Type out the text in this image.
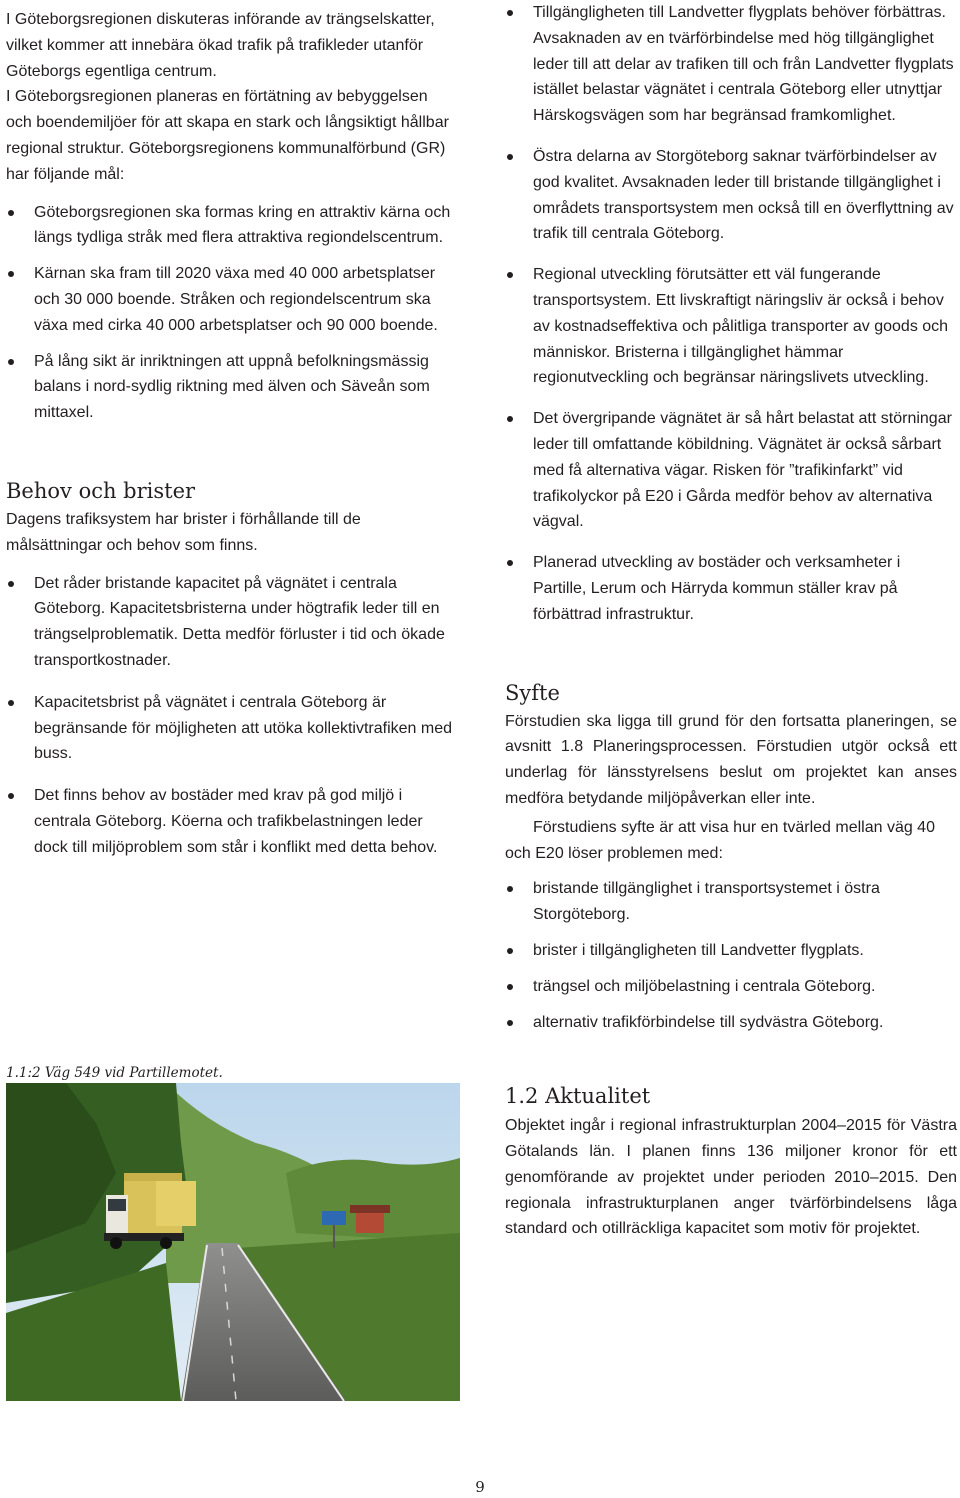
I Göteborgsregionen diskuteras införande av trängselskatter, vilket kommer att innebära ökad trafik på trafikleder utanför Göteborgs egentliga centrum.

I Göteborgsregionen planeras en förtätning av bebyggelsen och boendemiljöer för att skapa en stark och långsiktigt hållbar regional struktur. Göteborgsregionens kommunalförbund (GR) har följande mål:

Göteborgsregionen ska formas kring en attraktiv kärna och längs tydliga stråk med flera attraktiva regiondelscentrum.
Kärnan ska fram till 2020 växa med 40 000 arbetsplatser och 30 000 boende. Stråken och regiondelscentrum ska växa med cirka 40 000 arbetsplatser och 90 000 boende.
På lång sikt är inriktningen att uppnå befolkningsmässig balans i nord-sydlig riktning med älven och Säveån som mittaxel.
Behov och brister

Dagens trafiksystem har brister i förhållande till de målsättningar och behov som finns.

Det råder bristande kapacitet på vägnätet i centrala Göteborg. Kapacitetsbristerna under högtrafik leder till en trängselproblematik. Detta medför förluster i tid och ökade transportkostnader.
Kapacitetsbrist på vägnätet i centrala Göteborg är begränsande för möjligheten att utöka kollektivtrafiken med buss.
Det finns behov av bostäder med krav på god miljö i centrala Göteborg. Köerna och trafikbelastningen leder dock till miljöproblem som står i konflikt med detta behov.
1.1:2 Väg 549 vid Partillemotet.
Tillgängligheten till Landvetter flygplats behöver förbättras. Avsaknaden av en tvärförbindelse med hög tillgänglighet leder till att delar av trafiken till och från Landvetter flygplats istället belastar vägnätet i centrala Göteborg eller utnyttjar Härskogsvägen som har begränsad framkomlighet.
Östra delarna av Storgöteborg saknar tvärförbindelser av god kvalitet. Avsaknaden leder till bristande tillgänglighet i områdets transportsystem men också till en överflyttning av trafik till centrala Göteborg.
Regional utveckling förutsätter ett väl fungerande transportsystem. Ett livskraftigt näringsliv är också i behov av kostnadseffektiva och pålitliga transporter av goods och människor. Bristerna i tillgänglighet hämmar regionutveckling och begränsar näringslivets utveckling.
Det övergripande vägnätet är så hårt belastat att störningar leder till omfattande köbildning. Vägnätet är också sårbart med få alternativa vägar. Risken för ”trafikinfarkt” vid trafikolyckor på E20 i Gårda medför behov av alternativa vägval.
Planerad utveckling av bostäder och verksamheter i Partille, Lerum och Härryda kommun ställer krav på förbättrad infrastruktur.
Syfte

Förstudien ska ligga till grund för den fortsatta planeringen, se avsnitt 1.8 Planeringsprocessen. Förstudien utgör också ett underlag för länsstyrelsens beslut om projektet kan anses medföra betydande miljöpåverkan eller inte.

Förstudiens syfte är att visa hur en tvärled mellan väg 40 och E20 löser problemen med:

bristande tillgänglighet i transportsystemet i östra Storgöteborg.
brister i tillgängligheten till Landvetter flygplats.
trängsel och miljöbelastning i centrala Göteborg.
alternativ trafikförbindelse till sydvästra Göteborg.
1.2 Aktualitet

Objektet ingår i regional infrastrukturplan 2004–2015 för Västra Götalands län. I planen finns 136 miljoner kronor för ett genomförande av projektet under perioden 2010–2015. Den regionala infrastrukturplanen anger tvärförbindelsens låga standard och otillräckliga kapacitet som motiv för projektet.

9
